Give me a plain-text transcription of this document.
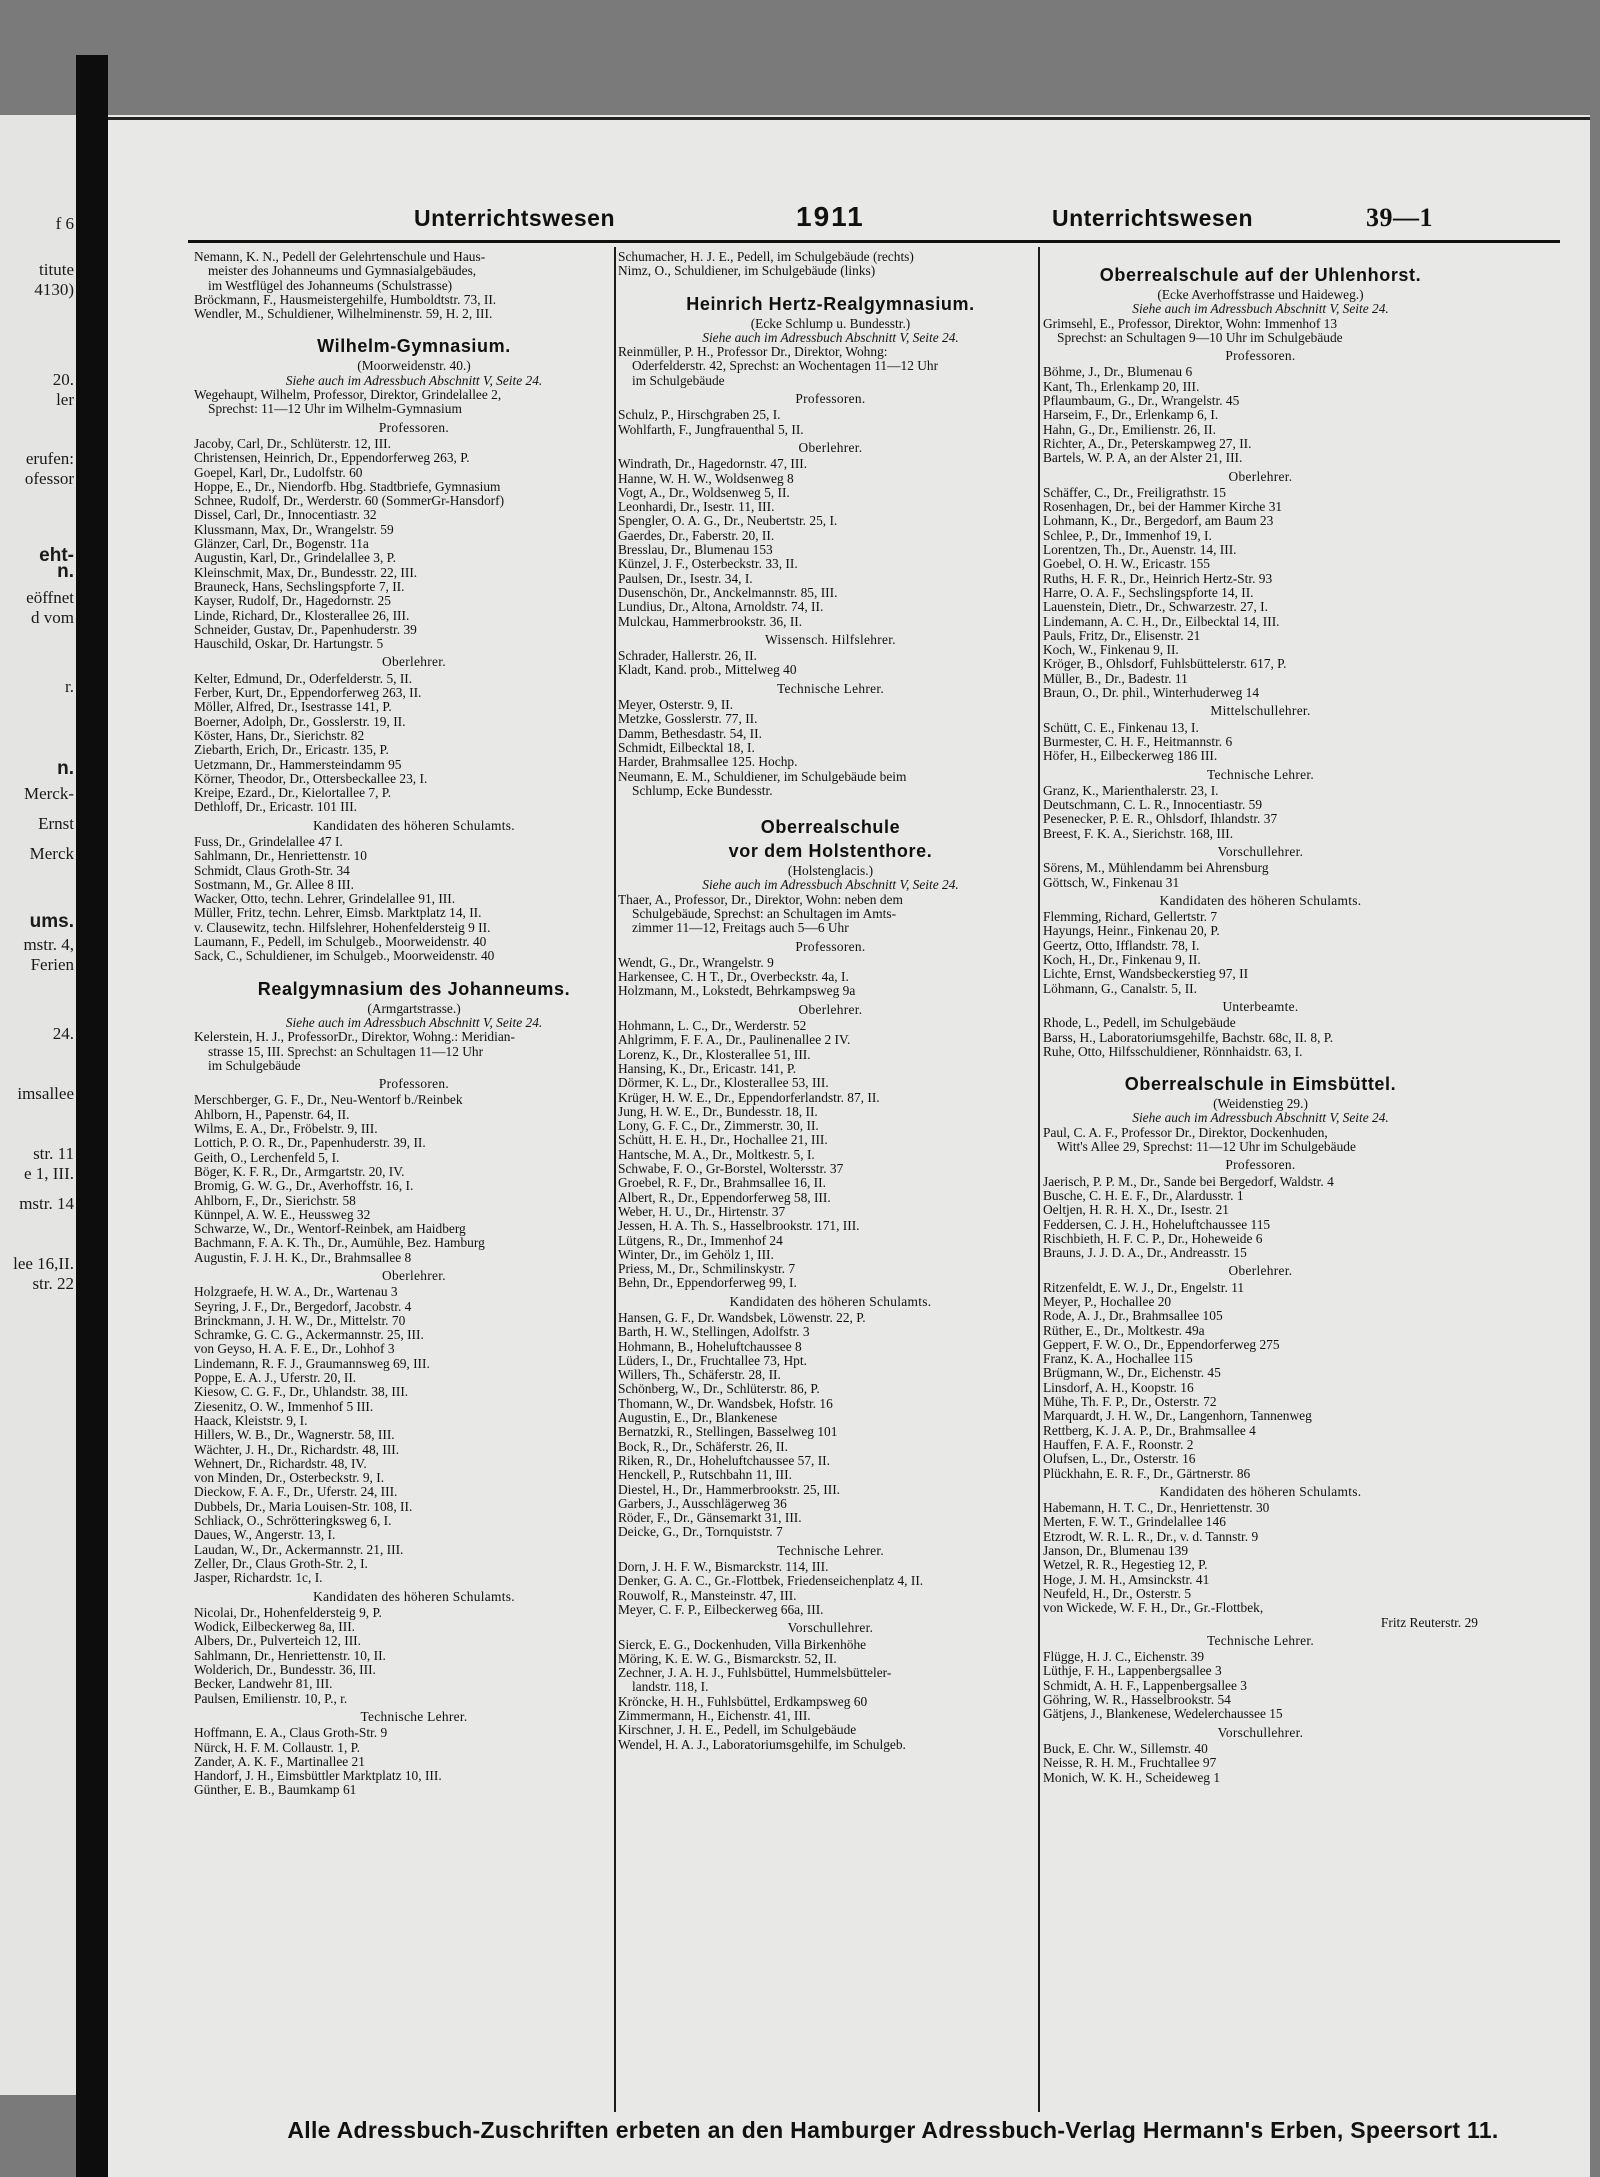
f 6
titute
4130)
20.
ler
erufen:
ofessor
eht-
n.
eöffnet
d vom
r.
n.
Merck-
Ernst
Merck
ums.
mstr. 4,
Ferien
24.
imsallee
str. 11
e 1, III.
mstr. 14
lee 16,II.
str. 22
Unterrichtswesen	1911	Unterrichtswesen	39—1
Nemann, K. N., Pedell der Gelehrtenschule und Haus-
meister des Johanneums und Gymnasialgebäudes,
im Westflügel des Johanneums (Schulstrasse)
Bröckmann, F., Hausmeistergehilfe, Humboldtstr. 73, II.
Wendler, M., Schuldiener, Wilhelminenstr. 59, H. 2, III.
Wilhelm-Gymnasium.
(Moorweidenstr. 40.)
Siehe auch im Adressbuch Abschnitt V, Seite 24.
Wegehaupt, Wilhelm, Professor, Direktor, Grindelallee 2,
Sprechst: 11—12 Uhr im Wilhelm-Gymnasium
Professoren.
Jacoby, Carl, Dr., Schlüterstr. 12, III.
Christensen, Heinrich, Dr., Eppendorferweg 263, P.
Goepel, Karl, Dr., Ludolfstr. 60
Hoppe, E., Dr., Niendorfb. Hbg. Stadtbriefe, Gymnasium
Schnee, Rudolf, Dr., Werderstr. 60 (SommerGr-Hansdorf)
Dissel, Carl, Dr., Innocentiastr. 32
Klussmann, Max, Dr., Wrangelstr. 59
Glänzer, Carl, Dr., Bogenstr. 11a
Augustin, Karl, Dr., Grindelallee 3, P.
Kleinschmit, Max, Dr., Bundesstr. 22, III.
Brauneck, Hans, Sechslingspforte 7, II.
Kayser, Rudolf, Dr., Hagedornstr. 25
Linde, Richard, Dr., Klosterallee 26, III.
Schneider, Gustav, Dr., Papenhuderstr. 39
Hauschild, Oskar, Dr. Hartungstr. 5
Oberlehrer.
Kelter, Edmund, Dr., Oderfelderstr. 5, II.
Ferber, Kurt, Dr., Eppendorferweg 263, II.
Möller, Alfred, Dr., Isestrasse 141, P.
Boerner, Adolph, Dr., Gosslerstr. 19, II.
Köster, Hans, Dr., Sierichstr. 82
Ziebarth, Erich, Dr., Ericastr. 135, P.
Uetzmann, Dr., Hammersteindamm 95
Körner, Theodor, Dr., Ottersbeckallee 23, I.
Kreipe, Ezard., Dr., Kielortallee 7, P.
Dethloff, Dr., Ericastr. 101 III.
Kandidaten des höheren Schulamts.
Fuss, Dr., Grindelallee 47 I.
Sahlmann, Dr., Henriettenstr. 10
Schmidt, Claus Groth-Str. 34
Sostmann, M., Gr. Allee 8 III.
Wacker, Otto, techn. Lehrer, Grindelallee 91, III.
Müller, Fritz, techn. Lehrer, Eimsb. Marktplatz 14, II.
v. Clausewitz, techn. Hilfslehrer, Hohenfeldersteig 9 II.
Laumann, F., Pedell, im Schulgeb., Moorweidenstr. 40
Sack, C., Schuldiener, im Schulgeb., Moorweidenstr. 40
Realgymnasium des Johanneums.
(Armgartstrasse.)
Siehe auch im Adressbuch Abschnitt V, Seite 24.
Kelerstein, H. J., ProfessorDr., Direktor, Wohng.: Meridian-
strasse 15, III. Sprechst: an Schultagen 11—12 Uhr
im Schulgebäude
Professoren.
Merschberger, G. F., Dr., Neu-Wentorf b./Reinbek
Ahlborn, H., Papenstr. 64, II.
Wilms, E. A., Dr., Fröbelstr. 9, III.
Lottich, P. O. R., Dr., Papenhuderstr. 39, II.
Geith, O., Lerchenfeld 5, I.
Böger, K. F. R., Dr., Armgartstr. 20, IV.
Bromig, G. W. G., Dr., Averhoffstr. 16, I.
Ahlborn, F., Dr., Sierichstr. 58
Künnpel, A. W. E., Heussweg 32
Schwarze, W., Dr., Wentorf-Reinbek, am Haidberg
Bachmann, F. A. K. Th., Dr., Aumühle, Bez. Hamburg
Augustin, F. J. H. K., Dr., Brahmsallee 8
Oberlehrer.
Holzgraefe, H. W. A., Dr., Wartenau 3
Seyring, J. F., Dr., Bergedorf, Jacobstr. 4
Brinckmann, J. H. W., Dr., Mittelstr. 70
Schramke, G. C. G., Ackermannstr. 25, III.
von Geyso, H. A. F. E., Dr., Lohhof 3
Lindemann, R. F. J., Graumannsweg 69, III.
Poppe, E. A. J., Uferstr. 20, II.
Kiesow, C. G. F., Dr., Uhlandstr. 38, III.
Ziesenitz, O. W., Immenhof 5 III.
Haack, Kleiststr. 9, I.
Hillers, W. B., Dr., Wagnerstr. 58, III.
Wächter, J. H., Dr., Richardstr. 48, III.
Wehnert, Dr., Richardstr. 48, IV.
von Minden, Dr., Osterbeckstr. 9, I.
Dieckow, F. A. F., Dr., Uferstr. 24, III.
Dubbels, Dr., Maria Louisen-Str. 108, II.
Schliack, O., Schrötteringksweg 6, I.
Daues, W., Angerstr. 13, I.
Laudan, W., Dr., Ackermannstr. 21, III.
Zeller, Dr., Claus Groth-Str. 2, I.
Jasper, Richardstr. 1c, I.
Kandidaten des höheren Schulamts.
Nicolai, Dr., Hohenfeldersteig 9, P.
Wodick, Eilbeckerweg 8a, III.
Albers, Dr., Pulverteich 12, III.
Sahlmann, Dr., Henriettenstr. 10, II.
Wolderich, Dr., Bundesstr. 36, III.
Becker, Landwehr 81, III.
Paulsen, Emilienstr. 10, P., r.
Technische Lehrer.
Hoffmann, E. A., Claus Groth-Str. 9
Nürck, H. F. M. Collaustr. 1, P.
Zander, A. K. F., Martinallee 21
Handorf, J. H., Eimsbüttler Marktplatz 10, III.
Günther, E. B., Baumkamp 61
Schumacher, H. J. E., Pedell, im Schulgebäude (rechts)
Nimz, O., Schuldiener, im Schulgebäude (links)
Heinrich Hertz-Realgymnasium.
(Ecke Schlump u. Bundesstr.)
Siehe auch im Adressbuch Abschnitt V, Seite 24.
Reinmüller, P. H., Professor Dr., Direktor, Wohng:
Oderfelderstr. 42, Sprechst: an Wochentagen 11—12 Uhr
im Schulgebäude
Professoren.
Schulz, P., Hirschgraben 25, I.
Wohlfarth, F., Jungfrauenthal 5, II.
Oberlehrer.
Windrath, Dr., Hagedornstr. 47, III.
Hanne, W. H. W., Woldsenweg 8
Vogt, A., Dr., Woldsenweg 5, II.
Leonhardi, Dr., Isestr. 11, III.
Spengler, O. A. G., Dr., Neubertstr. 25, I.
Gaerdes, Dr., Faberstr. 20, II.
Bresslau, Dr., Blumenau 153
Künzel, J. F., Osterbeckstr. 33, II.
Paulsen, Dr., Isestr. 34, I.
Dusenschön, Dr., Anckelmannstr. 85, III.
Lundius, Dr., Altona, Arnoldstr. 74, II.
Mulckau, Hammerbrookstr. 36, II.
Wissensch. Hilfslehrer.
Schrader, Hallerstr. 26, II.
Kladt, Kand. prob., Mittelweg 40
Technische Lehrer.
Meyer, Osterstr. 9, II.
Metzke, Gosslerstr. 77, II.
Damm, Bethesdastr. 54, II.
Schmidt, Eilbecktal 18, I.
Harder, Brahmsallee 125. Hochp.
Neumann, E. M., Schuldiener, im Schulgebäude beim
Schlump, Ecke Bundesstr.
Oberrealschule
vor dem Holstenthore.
(Holstenglacis.)
Siehe auch im Adressbuch Abschnitt V, Seite 24.
Thaer, A., Professor, Dr., Direktor, Wohn: neben dem
Schulgebäude, Sprechst: an Schultagen im Amts-
zimmer 11—12, Freitags auch 5—6 Uhr
Professoren.
Wendt, G., Dr., Wrangelstr. 9
Harkensee, C. H T., Dr., Overbeckstr. 4a, I.
Holzmann, M., Lokstedt, Behrkampsweg 9a
Oberlehrer.
Hohmann, L. C., Dr., Werderstr. 52
Ahlgrimm, F. F. A., Dr., Paulinenallee 2 IV.
Lorenz, K., Dr., Klosterallee 51, III.
Hansing, K., Dr., Ericastr. 141, P.
Dörmer, K. L., Dr., Klosterallee 53, III.
Krüger, H. W. E., Dr., Eppendorferlandstr. 87, II.
Jung, H. W. E., Dr., Bundesstr. 18, II.
Lony, G. F. C., Dr., Zimmerstr. 30, II.
Schütt, H. E. H., Dr., Hochallee 21, III.
Hantsche, M. A., Dr., Moltkestr. 5, I.
Schwabe, F. O., Gr-Borstel, Woltersstr. 37
Groebel, R. F., Dr., Brahmsallee 16, II.
Albert, R., Dr., Eppendorferweg 58, III.
Weber, H. U., Dr., Hirtenstr. 37
Jessen, H. A. Th. S., Hasselbrookstr. 171, III.
Lütgens, R., Dr., Immenhof 24
Winter, Dr., im Gehölz 1, III.
Priess, M., Dr., Schmilinskystr. 7
Behn, Dr., Eppendorferweg 99, I.
Kandidaten des höheren Schulamts.
Hansen, G. F., Dr. Wandsbek, Löwenstr. 22, P.
Barth, H. W., Stellingen, Adolfstr. 3
Hohmann, B., Hoheluftchaussee 8
Lüders, I., Dr., Fruchtallee 73, Hpt.
Willers, Th., Schäferstr. 28, II.
Schönberg, W., Dr., Schlüterstr. 86, P.
Thomann, W., Dr. Wandsbek, Hofstr. 16
Augustin, E., Dr., Blankenese
Bernatzki, R., Stellingen, Basselweg 101
Bock, R., Dr., Schäferstr. 26, II.
Riken, R., Dr., Hoheluftchaussee 57, II.
Henckell, P., Rutschbahn 11, III.
Diestel, H., Dr., Hammerbrookstr. 25, III.
Garbers, J., Ausschlägerweg 36
Röder, F., Dr., Gänsemarkt 31, III.
Deicke, G., Dr., Tornquiststr. 7
Technische Lehrer.
Dorn, J. H. F. W., Bismarckstr. 114, III.
Denker, G. A. C., Gr.-Flottbek, Friedenseichenplatz 4, II.
Rouwolf, R., Mansteinstr. 47, III.
Meyer, C. F. P., Eilbeckerweg 66a, III.
Vorschullehrer.
Sierck, E. G., Dockenhuden, Villa Birkenhöhe
Möring, K. E. W. G., Bismarckstr. 52, II.
Zechner, J. A. H. J., Fuhlsbüttel, Hummelsbütteler-
landstr. 118, I.
Kröncke, H. H., Fuhlsbüttel, Erdkampsweg 60
Zimmermann, H., Eichenstr. 41, III.
Kirschner, J. H. E., Pedell, im Schulgebäude
Wendel, H. A. J., Laboratoriumsgehilfe, im Schulgeb.
Oberrealschule auf der Uhlenhorst.
(Ecke Averhoffstrasse und Haideweg.)
Siehe auch im Adressbuch Abschnitt V, Seite 24.
Grimsehl, E., Professor, Direktor, Wohn: Immenhof 13
Sprechst: an Schultagen 9—10 Uhr im Schulgebäude
Professoren.
Böhme, J., Dr., Blumenau 6
Kant, Th., Erlenkamp 20, III.
Pflaumbaum, G., Dr., Wrangelstr. 45
Harseim, F., Dr., Erlenkamp 6, I.
Hahn, G., Dr., Emilienstr. 26, II.
Richter, A., Dr., Peterskampweg 27, II.
Bartels, W. P. A, an der Alster 21, III.
Oberlehrer.
Schäffer, C., Dr., Freiligrathstr. 15
Rosenhagen, Dr., bei der Hammer Kirche 31
Lohmann, K., Dr., Bergedorf, am Baum 23
Schlee, P., Dr., Immenhof 19, I.
Lorentzen, Th., Dr., Auenstr. 14, III.
Goebel, O. H. W., Ericastr. 155
Ruths, H. F. R., Dr., Heinrich Hertz-Str. 93
Harre, O. A. F., Sechslingspforte 14, II.
Lauenstein, Dietr., Dr., Schwarzestr. 27, I.
Lindemann, A. C. H., Dr., Eilbecktal 14, III.
Pauls, Fritz, Dr., Elisenstr. 21
Koch, W., Finkenau 9, II.
Kröger, B., Ohlsdorf, Fuhlsbüttelerstr. 617, P.
Müller, B., Dr., Badestr. 11
Braun, O., Dr. phil., Winterhuderweg 14
Mittelschullehrer.
Schütt, C. E., Finkenau 13, I.
Burmester, C. H. F., Heitmannstr. 6
Höfer, H., Eilbeckerweg 186 III.
Technische Lehrer.
Granz, K., Marienthalerstr. 23, I.
Deutschmann, C. L. R., Innocentiastr. 59
Pesenecker, P. E. R., Ohlsdorf, Ihlandstr. 37
Breest, F. K. A., Sierichstr. 168, III.
Vorschullehrer.
Sörens, M., Mühlendamm bei Ahrensburg
Göttsch, W., Finkenau 31
Kandidaten des höheren Schulamts.
Flemming, Richard, Gellertstr. 7
Hayungs, Heinr., Finkenau 20, P.
Geertz, Otto, Ifflandstr. 78, I.
Koch, H., Dr., Finkenau 9, II.
Lichte, Ernst, Wandsbeckerstieg 97, II
Löhmann, G., Canalstr. 5, II.
Unterbeamte.
Rhode, L., Pedell, im Schulgebäude
Barss, H., Laboratoriumsgehilfe, Bachstr. 68c, II. 8, P.
Ruhe, Otto, Hilfsschuldiener, Rönnhaidstr. 63, I.
Oberrealschule in Eimsbüttel.
(Weidenstieg 29.)
Siehe auch im Adressbuch Abschnitt V, Seite 24.
Paul, C. A. F., Professor Dr., Direktor, Dockenhuden,
Witt's Allee 29, Sprechst: 11—12 Uhr im Schulgebäude
Professoren.
Jaerisch, P. P. M., Dr., Sande bei Bergedorf, Waldstr. 4
Busche, C. H. E. F., Dr., Alardusstr. 1
Oeltjen, H. R. H. X., Dr., Isestr. 21
Feddersen, C. J. H., Hoheluftchaussee 115
Rischbieth, H. F. C. P., Dr., Hoheweide 6
Brauns, J. J. D. A., Dr., Andreasstr. 15
Oberlehrer.
Ritzenfeldt, E. W. J., Dr., Engelstr. 11
Meyer, P., Hochallee 20
Rode, A. J., Dr., Brahmsallee 105
Rüther, E., Dr., Moltkestr. 49a
Geppert, F. W. O., Dr., Eppendorferweg 275
Franz, K. A., Hochallee 115
Brügmann, W., Dr., Eichenstr. 45
Linsdorf, A. H., Koopstr. 16
Mühe, Th. F. P., Dr., Osterstr. 72
Marquardt, J. H. W., Dr., Langenhorn, Tannenweg
Rettberg, K. J. A. P., Dr., Brahmsallee 4
Hauffen, F. A. F., Roonstr. 2
Olufsen, L., Dr., Osterstr. 16
Plückhahn, E. R. F., Dr., Gärtnerstr. 86
Kandidaten des höheren Schulamts.
Habemann, H. T. C., Dr., Henriettenstr. 30
Merten, F. W. T., Grindelallee 146
Etzrodt, W. R. L. R., Dr., v. d. Tannstr. 9
Janson, Dr., Blumenau 139
Wetzel, R. R., Hegestieg 12, P.
Hoge, J. M. H., Amsinckstr. 41
Neufeld, H., Dr., Osterstr. 5
von Wickede, W. F. H., Dr., Gr.-Flottbek,
Fritz Reuterstr. 29
Technische Lehrer.
Flügge, H. J. C., Eichenstr. 39
Lüthje, F. H., Lappenbergsallee 3
Schmidt, A. H. F., Lappenbergsallee 3
Göhring, W. R., Hasselbrookstr. 54
Gätjens, J., Blankenese, Wedelerchaussee 15
Vorschullehrer.
Buck, E. Chr. W., Sillemstr. 40
Neisse, R. H. M., Fruchtallee 97
Monich, W. K. H., Scheideweg 1
Alle Adressbuch-Zuschriften erbeten an den Hamburger Adressbuch-Verlag Hermann's Erben, Speersort 11.
